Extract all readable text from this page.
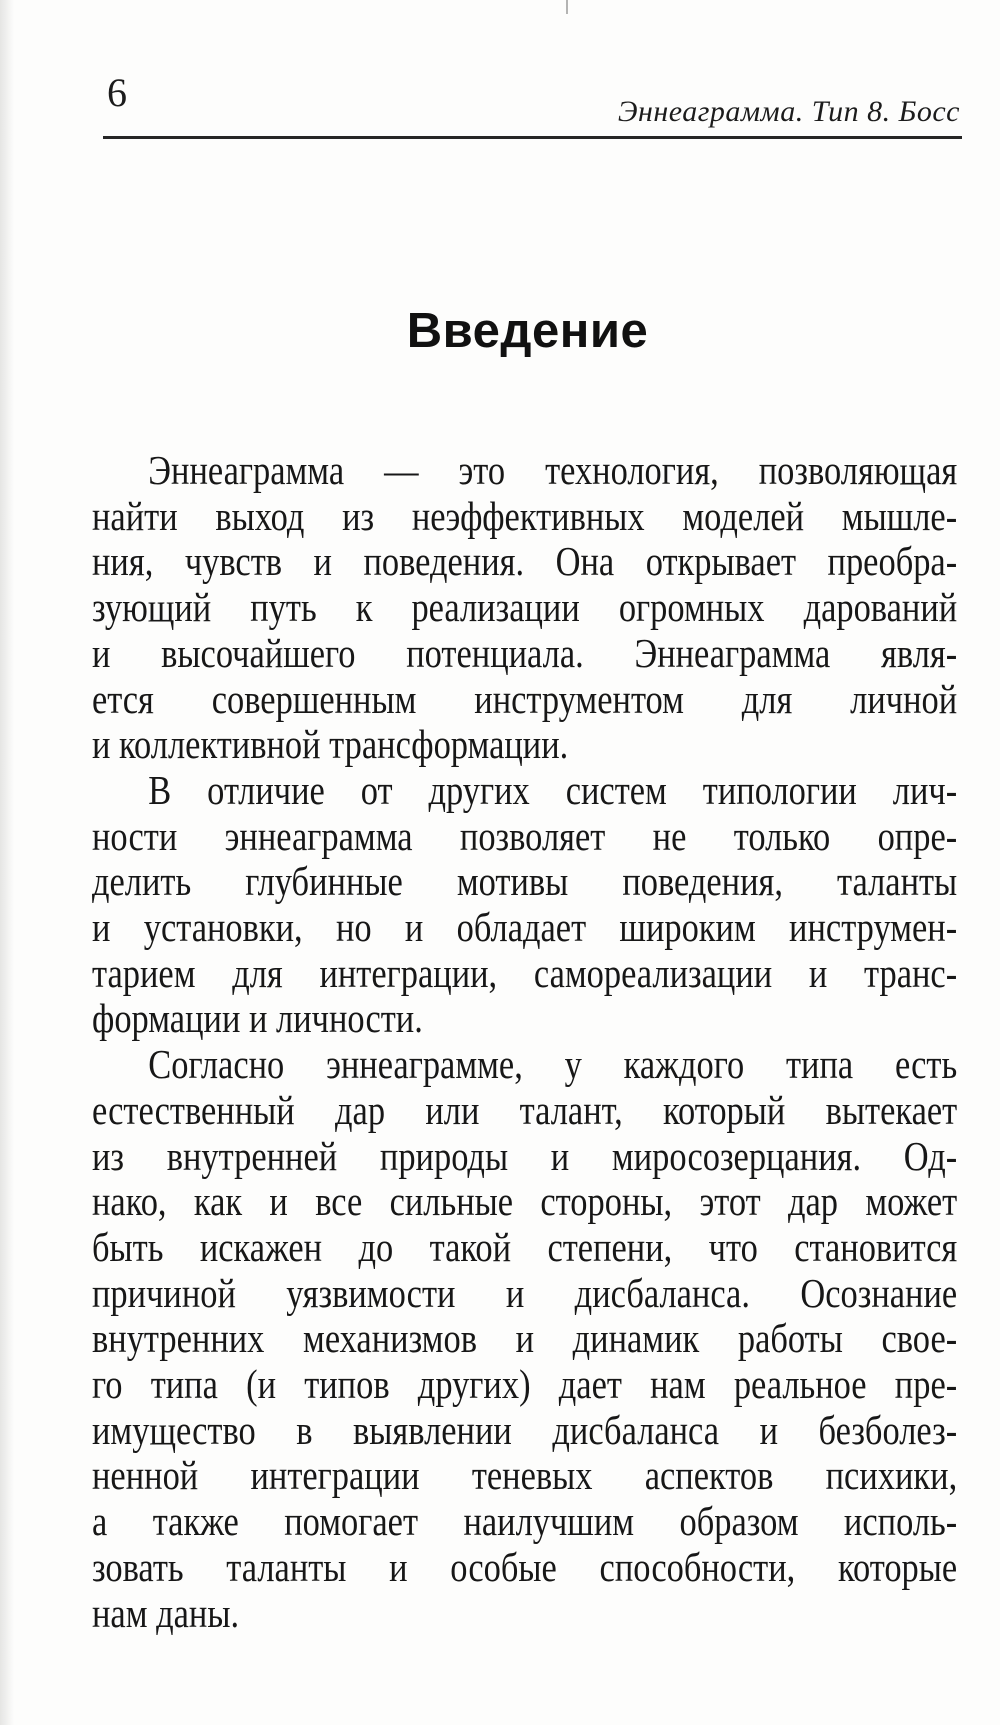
6	Эннеаграмма. Тип 8. Босс
Введение
Эннеаграмма — это технология, позволяющая
найти выход из неэффективных моделей мышле-
ния, чувств и поведения. Она открывает преобра-
зующий путь к реализации огромных дарований
и высочайшего потенциала. Эннеаграмма явля-
ется совершенным инструментом для личной
и коллективной трансформации.
В отличие от других систем типологии лич-
ности эннеаграмма позволяет не только опре-
делить глубинные мотивы поведения, таланты
и установки, но и обладает широким инструмен-
тарием для интеграции, самореализации и транс-
формации и личности.
Согласно эннеаграмме, у каждого типа есть
естественный дар или талант, который вытекает
из внутренней природы и миросозерцания. Од-
нако, как и все сильные стороны, этот дар может
быть искажен до такой степени, что становится
причиной уязвимости и дисбаланса. Осознание
внутренних механизмов и динамик работы свое-
го типа (и типов других) дает нам реальное пре-
имущество в выявлении дисбаланса и безболез-
ненной интеграции теневых аспектов психики,
а также помогает наилучшим образом исполь-
зовать таланты и особые способности, которые
нам даны.
